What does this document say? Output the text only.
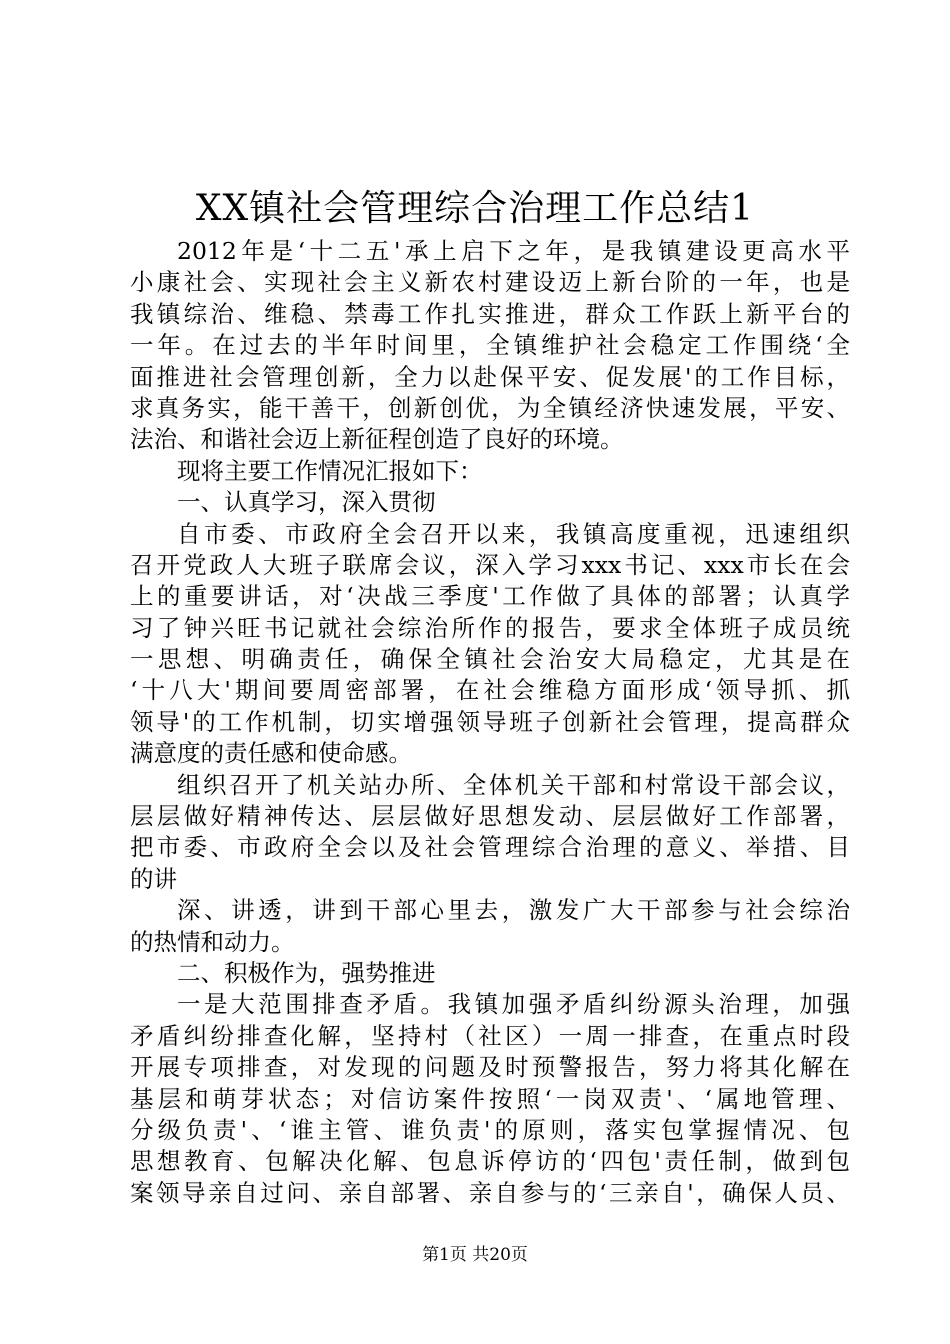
XX镇社会管理综合治理工作总结1
2012年是‘十二五'承上启下之年，是我镇建设更高水平
小康社会、实现社会主义新农村建设迈上新台阶的一年，也是
我镇综治、维稳、禁毒工作扎实推进，群众工作跃上新平台的
一年。在过去的半年时间里，全镇维护社会稳定工作围绕‘全
面推进社会管理创新，全力以赴保平安、促发展'的工作目标，
求真务实，能干善干，创新创优，为全镇经济快速发展，平安、
法治、和谐社会迈上新征程创造了良好的环境。
现将主要工作情况汇报如下：
一、认真学习，深入贯彻
自市委、市政府全会召开以来，我镇高度重视，迅速组织
召开党政人大班子联席会议，深入学习xxx书记、xxx市长在会
上的重要讲话，对‘决战三季度'工作做了具体的部署；认真学
习了钟兴旺书记就社会综治所作的报告，要求全体班子成员统
一思想、明确责任，确保全镇社会治安大局稳定，尤其是在
‘十八大'期间要周密部署，在社会维稳方面形成‘领导抓、抓
领导'的工作机制，切实增强领导班子创新社会管理，提高群众
满意度的责任感和使命感。
组织召开了机关站办所、全体机关干部和村常设干部会议，
层层做好精神传达、层层做好思想发动、层层做好工作部署，
把市委、市政府全会以及社会管理综合治理的意义、举措、目
的讲
深、讲透，讲到干部心里去，激发广大干部参与社会综治
的热情和动力。
二、积极作为，强势推进
一是大范围排查矛盾。我镇加强矛盾纠纷源头治理，加强
矛盾纠纷排查化解，坚持村（社区）一周一排查，在重点时段
开展专项排查，对发现的问题及时预警报告，努力将其化解在
基层和萌芽状态；对信访案件按照‘一岗双责'、‘属地管理、
分级负责'、‘谁主管、谁负责'的原则，落实包掌握情况、包
思想教育、包解决化解、包息诉停访的‘四包'责任制，做到包
案领导亲自过问、亲自部署、亲自参与的‘三亲自'，确保人员、
第1页 共20页
